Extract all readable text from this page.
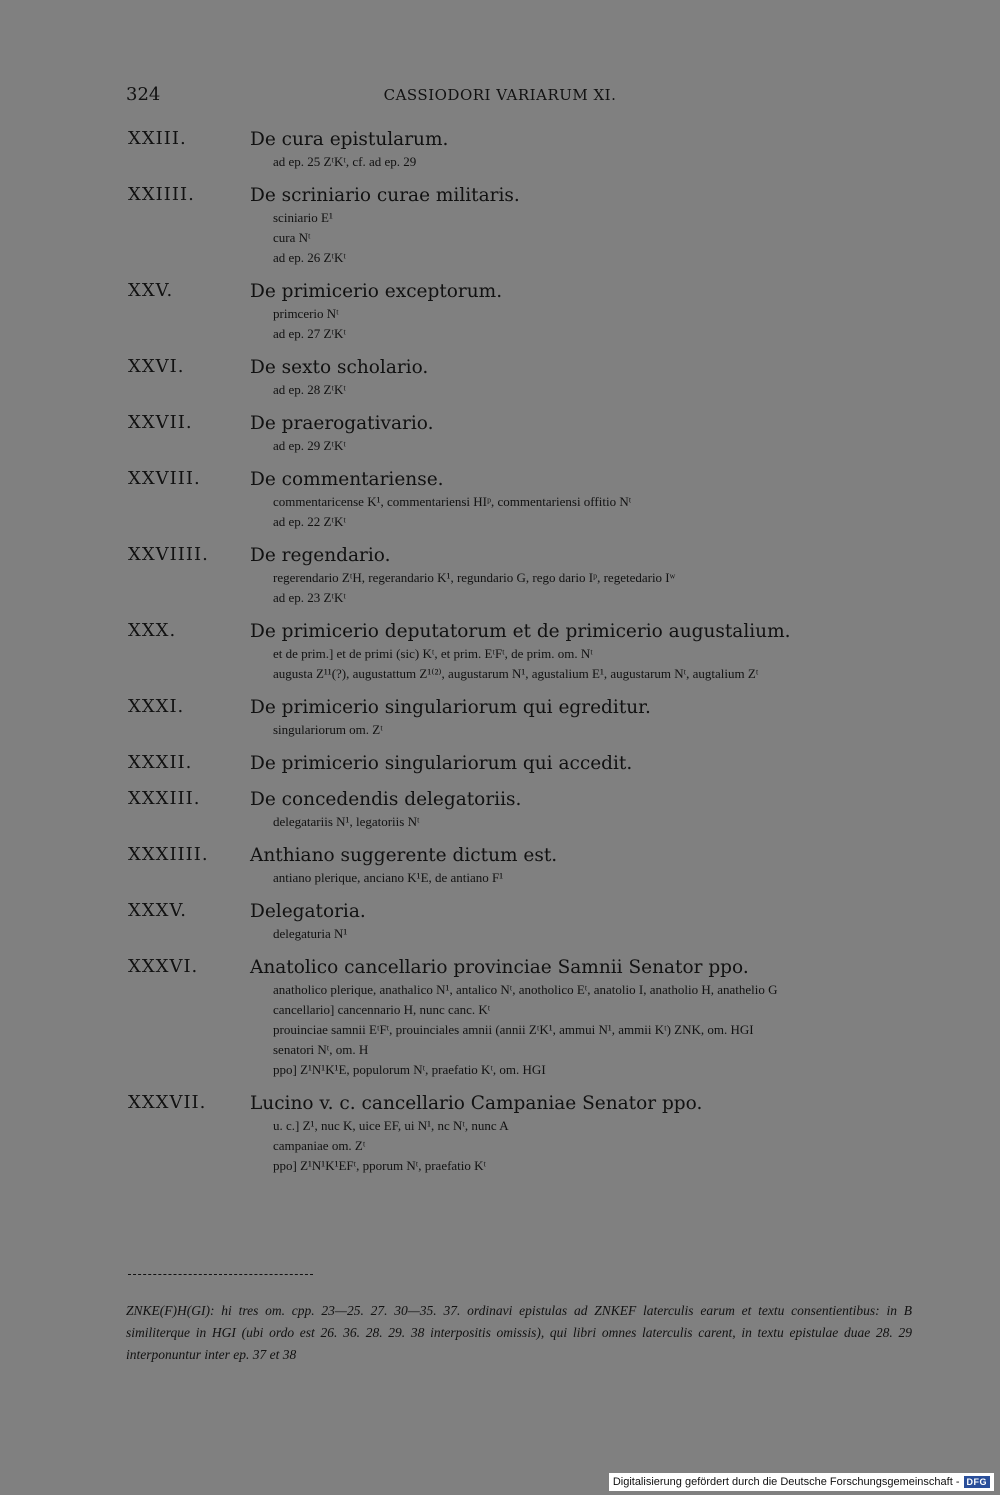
324	CASSIODORI VARIARUM XI.
XXIII.	De cura epistularum.
ad ep. 25 ZᵗKᵗ, cf. ad ep. 29
XXIIII.	De scriniario curae militaris.
sciniario E¹
cura Nᵗ
ad ep. 26 ZᵗKᵗ
XXV.	De primicerio exceptorum.
primcerio Nᵗ
ad ep. 27 ZᵗKᵗ
XXVI.	De sexto scholario.
ad ep. 28 ZᵗKᵗ
XXVII.	De praerogativario.
ad ep. 29 ZᵗKᵗ
XXVIII.	De commentariense.
commentaricense K¹, commentariensi HIᵖ, commentariensi offitio Nᵗ
ad ep. 22 ZᵗKᵗ
XXVIIII. De regendario.
regerendario ZᵗH, regerandario K¹, regundario G, rego dario Iᵖ, regetedario Iʷ
ad ep. 23 ZᵗKᵗ
XXX.	De primicerio deputatorum et de primicerio augustalium.
et de prim.] et de primi (sic) Kᵗ, et prim. EᵗFᵗ, de prim. om. Nᵗ
augusta Z¹¹(?), augustattum Z¹⁽²⁾, augustarum N¹, agustalium E¹, augustarum Nᵗ, augtalium Zᵗ
XXXI.	De primicerio singulariorum qui egreditur.
singulariorum om. Zᵗ
XXXII.	De primicerio singulariorum qui accedit.
XXXIII.	De concedendis delegatoriis.
delegatariis N¹, legatoriis Nᵗ
XXXIIII. Anthiano suggerente dictum est.
antiano plerique, anciano K¹E, de antiano F¹
XXXV.	Delegatoria.
delegaturia N¹
XXXVI.	Anatolico cancellario provinciae Samnii Senator ppo.
anatholico plerique, anathalico N¹, antalico Nᵗ, anotholico Eᵗ, anatolio I, anatholio H, anathelio G
cancellario] cancennario H, nunc canc. Kᵗ
prouinciae samnii EᵗFᵗ, prouinciales amnii (annii ZᵗK¹, ammui N¹, ammii Kᵗ) ZNK, om. HGI
senatori Nᵗ, om. H
ppo] Z¹N¹K¹E, populorum Nᵗ, praefatio Kᵗ, om. HGI
XXXVII. Lucino v. c. cancellario Campaniae Senator ppo.
u. c.] Z¹, nuc K, uice EF, ui N¹, nc Nᵗ, nunc A
campaniae om. Zᵗ
ppo] Z¹N¹K¹EFᵗ, pporum Nᵗ, praefatio Kᵗ
ZNKE(F)H(GI): hi tres om. cpp. 23—25. 27. 30—35. 37. ordinavi epistulas ad ZNKEF laterculis earum et textu consentientibus: in B similiterque in HGI (ubi ordo est 26. 36. 28. 29. 38 interpositis omissis), qui libri omnes laterculis carent, in textu epistulae duae 28. 29 interponuntur inter ep. 37 et 38
Digitalisierung gefördert durch die Deutsche Forschungsgemeinschaft - DFG
